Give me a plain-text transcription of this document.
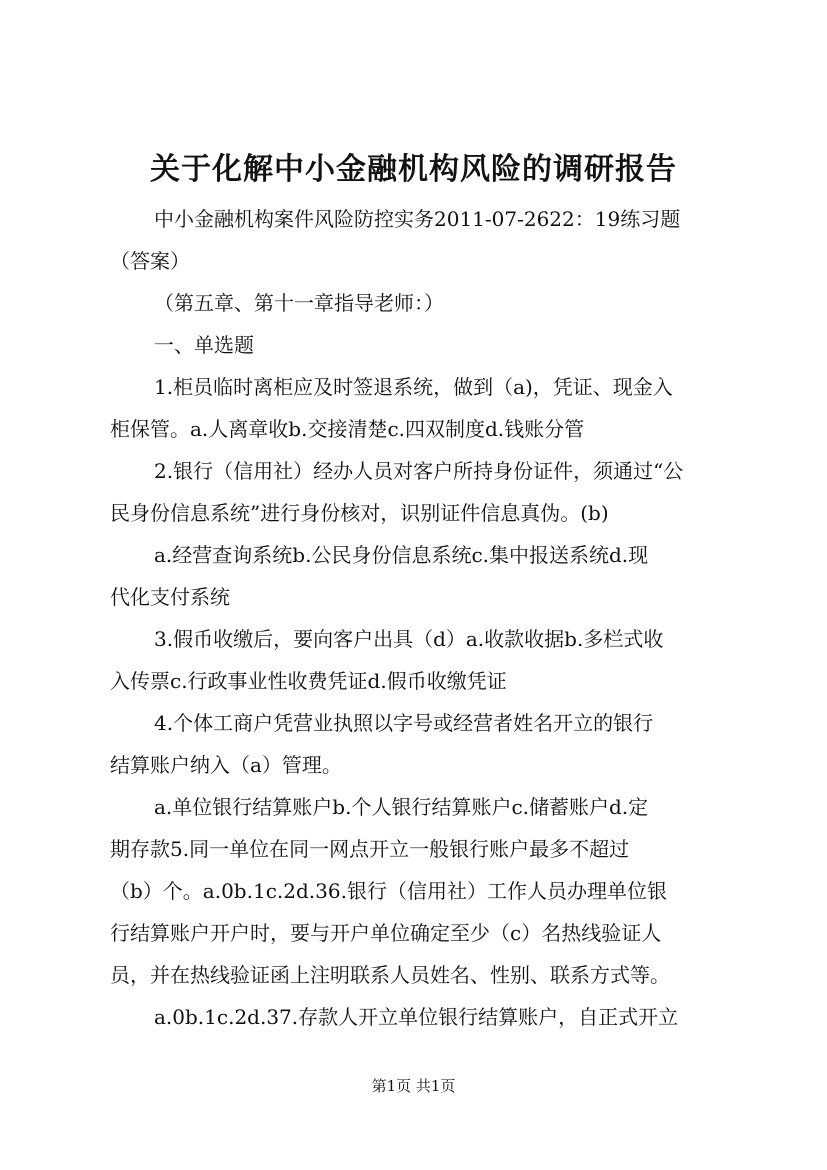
关于化解中小金融机构风险的调研报告
中小金融机构案件风险防控实务2011-07-2622：19练习题
（答案）
（第五章、第十一章指导老师：）
一、单选题
1.柜员临时离柜应及时签退系统，做到（a)，凭证、现金入
柜保管。a.人离章收b.交接清楚c.四双制度d.钱账分管
2.银行（信用社）经办人员对客户所持身份证件，须通过“公
民身份信息系统”进行身份核对，识别证件信息真伪。(b)
a.经营查询系统b.公民身份信息系统c.集中报送系统d.现
代化支付系统
3.假币收缴后，要向客户出具（d）a.收款收据b.多栏式收
入传票c.行政事业性收费凭证d.假币收缴凭证
4.个体工商户凭营业执照以字号或经营者姓名开立的银行
结算账户纳入（a）管理。
a.单位银行结算账户b.个人银行结算账户c.储蓄账户d.定
期存款5.同一单位在同一网点开立一般银行账户最多不超过
（b）个。a.0b.1c.2d.36.银行（信用社）工作人员办理单位银
行结算账户开户时，要与开户单位确定至少（c）名热线验证人
员，并在热线验证函上注明联系人员姓名、性别、联系方式等。
a.0b.1c.2d.37.存款人开立单位银行结算账户，自正式开立
第1页 共1页
